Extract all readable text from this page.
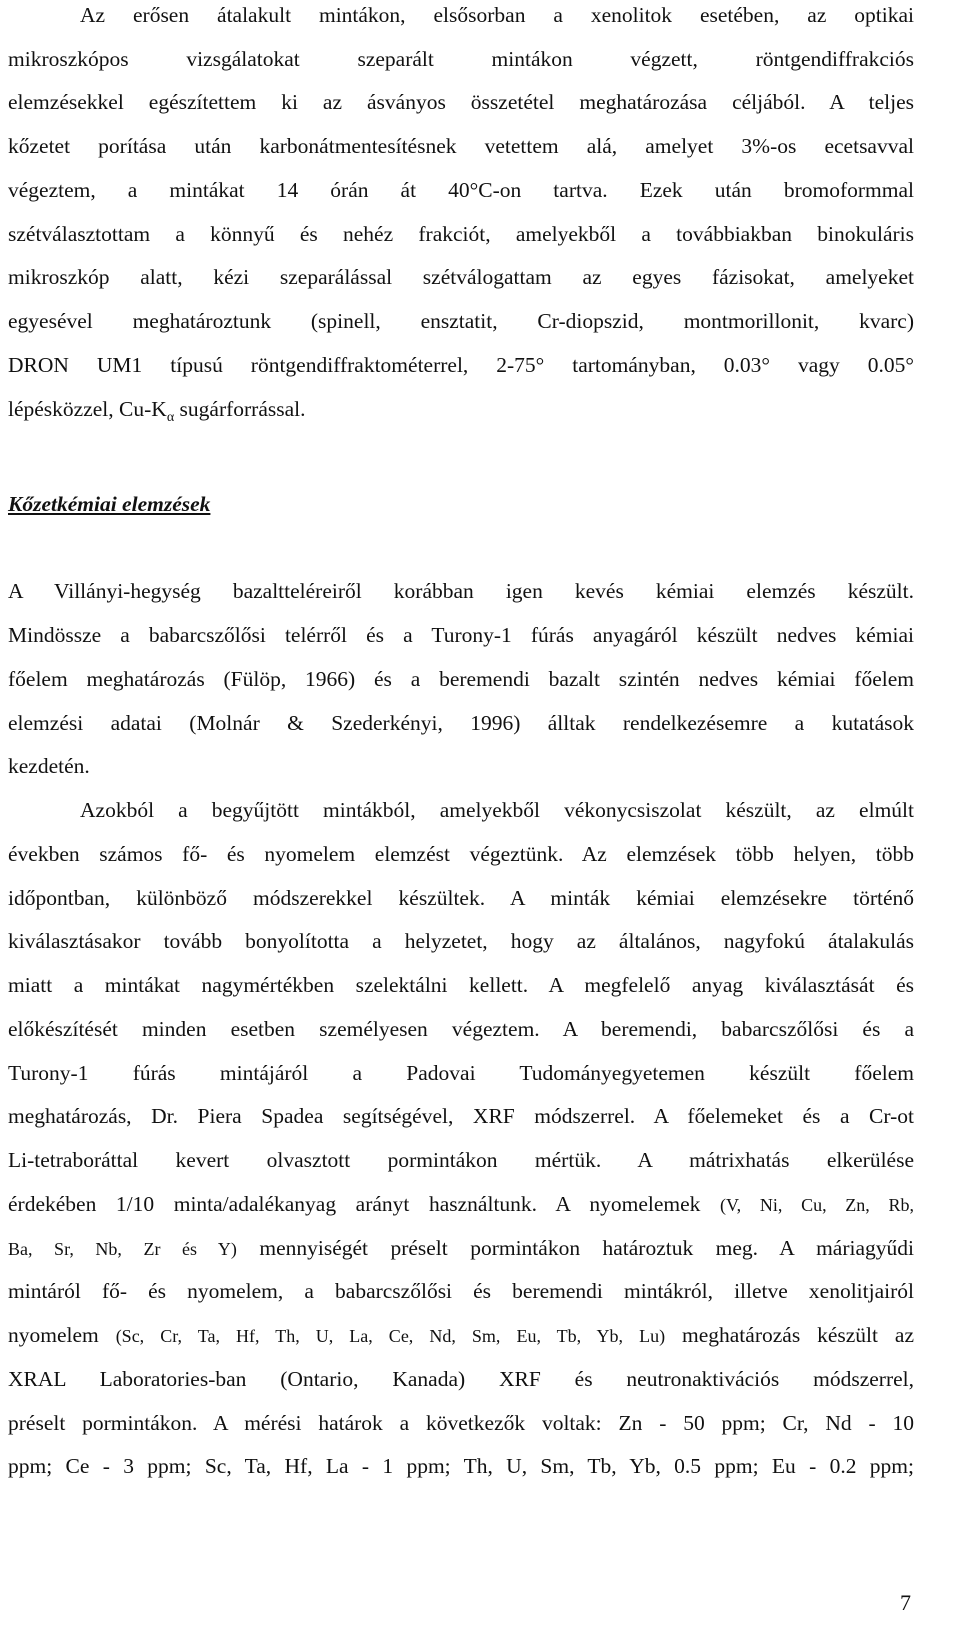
Az erősen átalakult mintákon, elsősorban a xenolitok esetében, az optikai
mikroszkópos vizsgálatokat szeparált mintákon végzett, röntgendiffrakciós
elemzésekkel egészítettem ki az ásványos összetétel meghatározása céljából. A teljes
kőzetet porítása után karbonátmentesítésnek vetettem alá, amelyet 3%-os ecetsavval
végeztem, a mintákat 14 órán át 40°C-on tartva. Ezek után bromoformmal
szétválasztottam a könnyű és nehéz frakciót, amelyekből a továbbiakban binokuláris
mikroszkóp alatt, kézi szeparálással szétválogattam az egyes fázisokat, amelyeket
egyesével meghatároztunk (spinell, ensztatit, Cr-diopszid, montmorillonit, kvarc)
DRON UM1 típusú röntgendiffraktométerrel, 2-75° tartományban, 0.03° vagy 0.05°
lépésközzel, $Cu-K_\alpha$ sugárforrással.
Kőzetkémiai elemzések
A Villányi-hegység bazaltteléreiről korábban igen kevés kémiai elemzés készült.
Mindössze a babarcszőlősi telérről és a Turony-1 fúrás anyagáról készült nedves kémiai
főelem meghatározás (Fülöp, 1966) és a beremendi bazalt szintén nedves kémiai főelem
elemzési adatai (Molnár & Szederkényi, 1996) álltak rendelkezésemre a kutatások
kezdetén.
Azokból a begyűjtött mintákból, amelyekből vékonycsiszolat készült, az elmúlt
években számos fő- és nyomelem elemzést végeztünk. Az elemzések több helyen, több
időpontban, különböző módszerekkel készültek. A minták kémiai elemzésekre történő
kiválasztásakor tovább bonyolította a helyzetet, hogy az általános, nagyfokú átalakulás
miatt a mintákat nagymértékben szelektálni kellett. A megfelelő anyag kiválasztását és
előkészítését minden esetben személyesen végeztem. A beremendi, babarcszőlősi és a
Turony-1 fúrás mintájáról a Padovai Tudományegyetemen készült főelem
meghatározás, Dr. Piera Spadea segítségével, XRF módszerrel. A főelemeket és a Cr-ot
Li-tetraboráttal kevert olvasztott pormintákon mértük. A mátrixhatás elkerülése
érdekében 1/10 minta/adalékanyag arányt használtunk. A nyomelemek (V, Ni, Cu, Zn, Rb,
Ba, Sr, Nb, Zr és Y) mennyiségét préselt pormintákon határoztuk meg. A máriagyűdi
mintáról fő- és nyomelem, a babarcszőlősi és beremendi mintákról, illetve xenolitjairól
nyomelem (Sc, Cr, Ta, Hf, Th, U, La, Ce, Nd, Sm, Eu, Tb, Yb, Lu) meghatározás készült az
XRAL Laboratories-ban (Ontario, Kanada) XRF és neutronaktivációs módszerrel,
préselt pormintákon. A mérési határok a következők voltak: Zn - 50 ppm; Cr, Nd - 10
ppm; Ce - 3 ppm; Sc, Ta, Hf, La - 1 ppm; Th, U, Sm, Tb, Yb, 0.5 ppm; Eu - 0.2 ppm;
7
